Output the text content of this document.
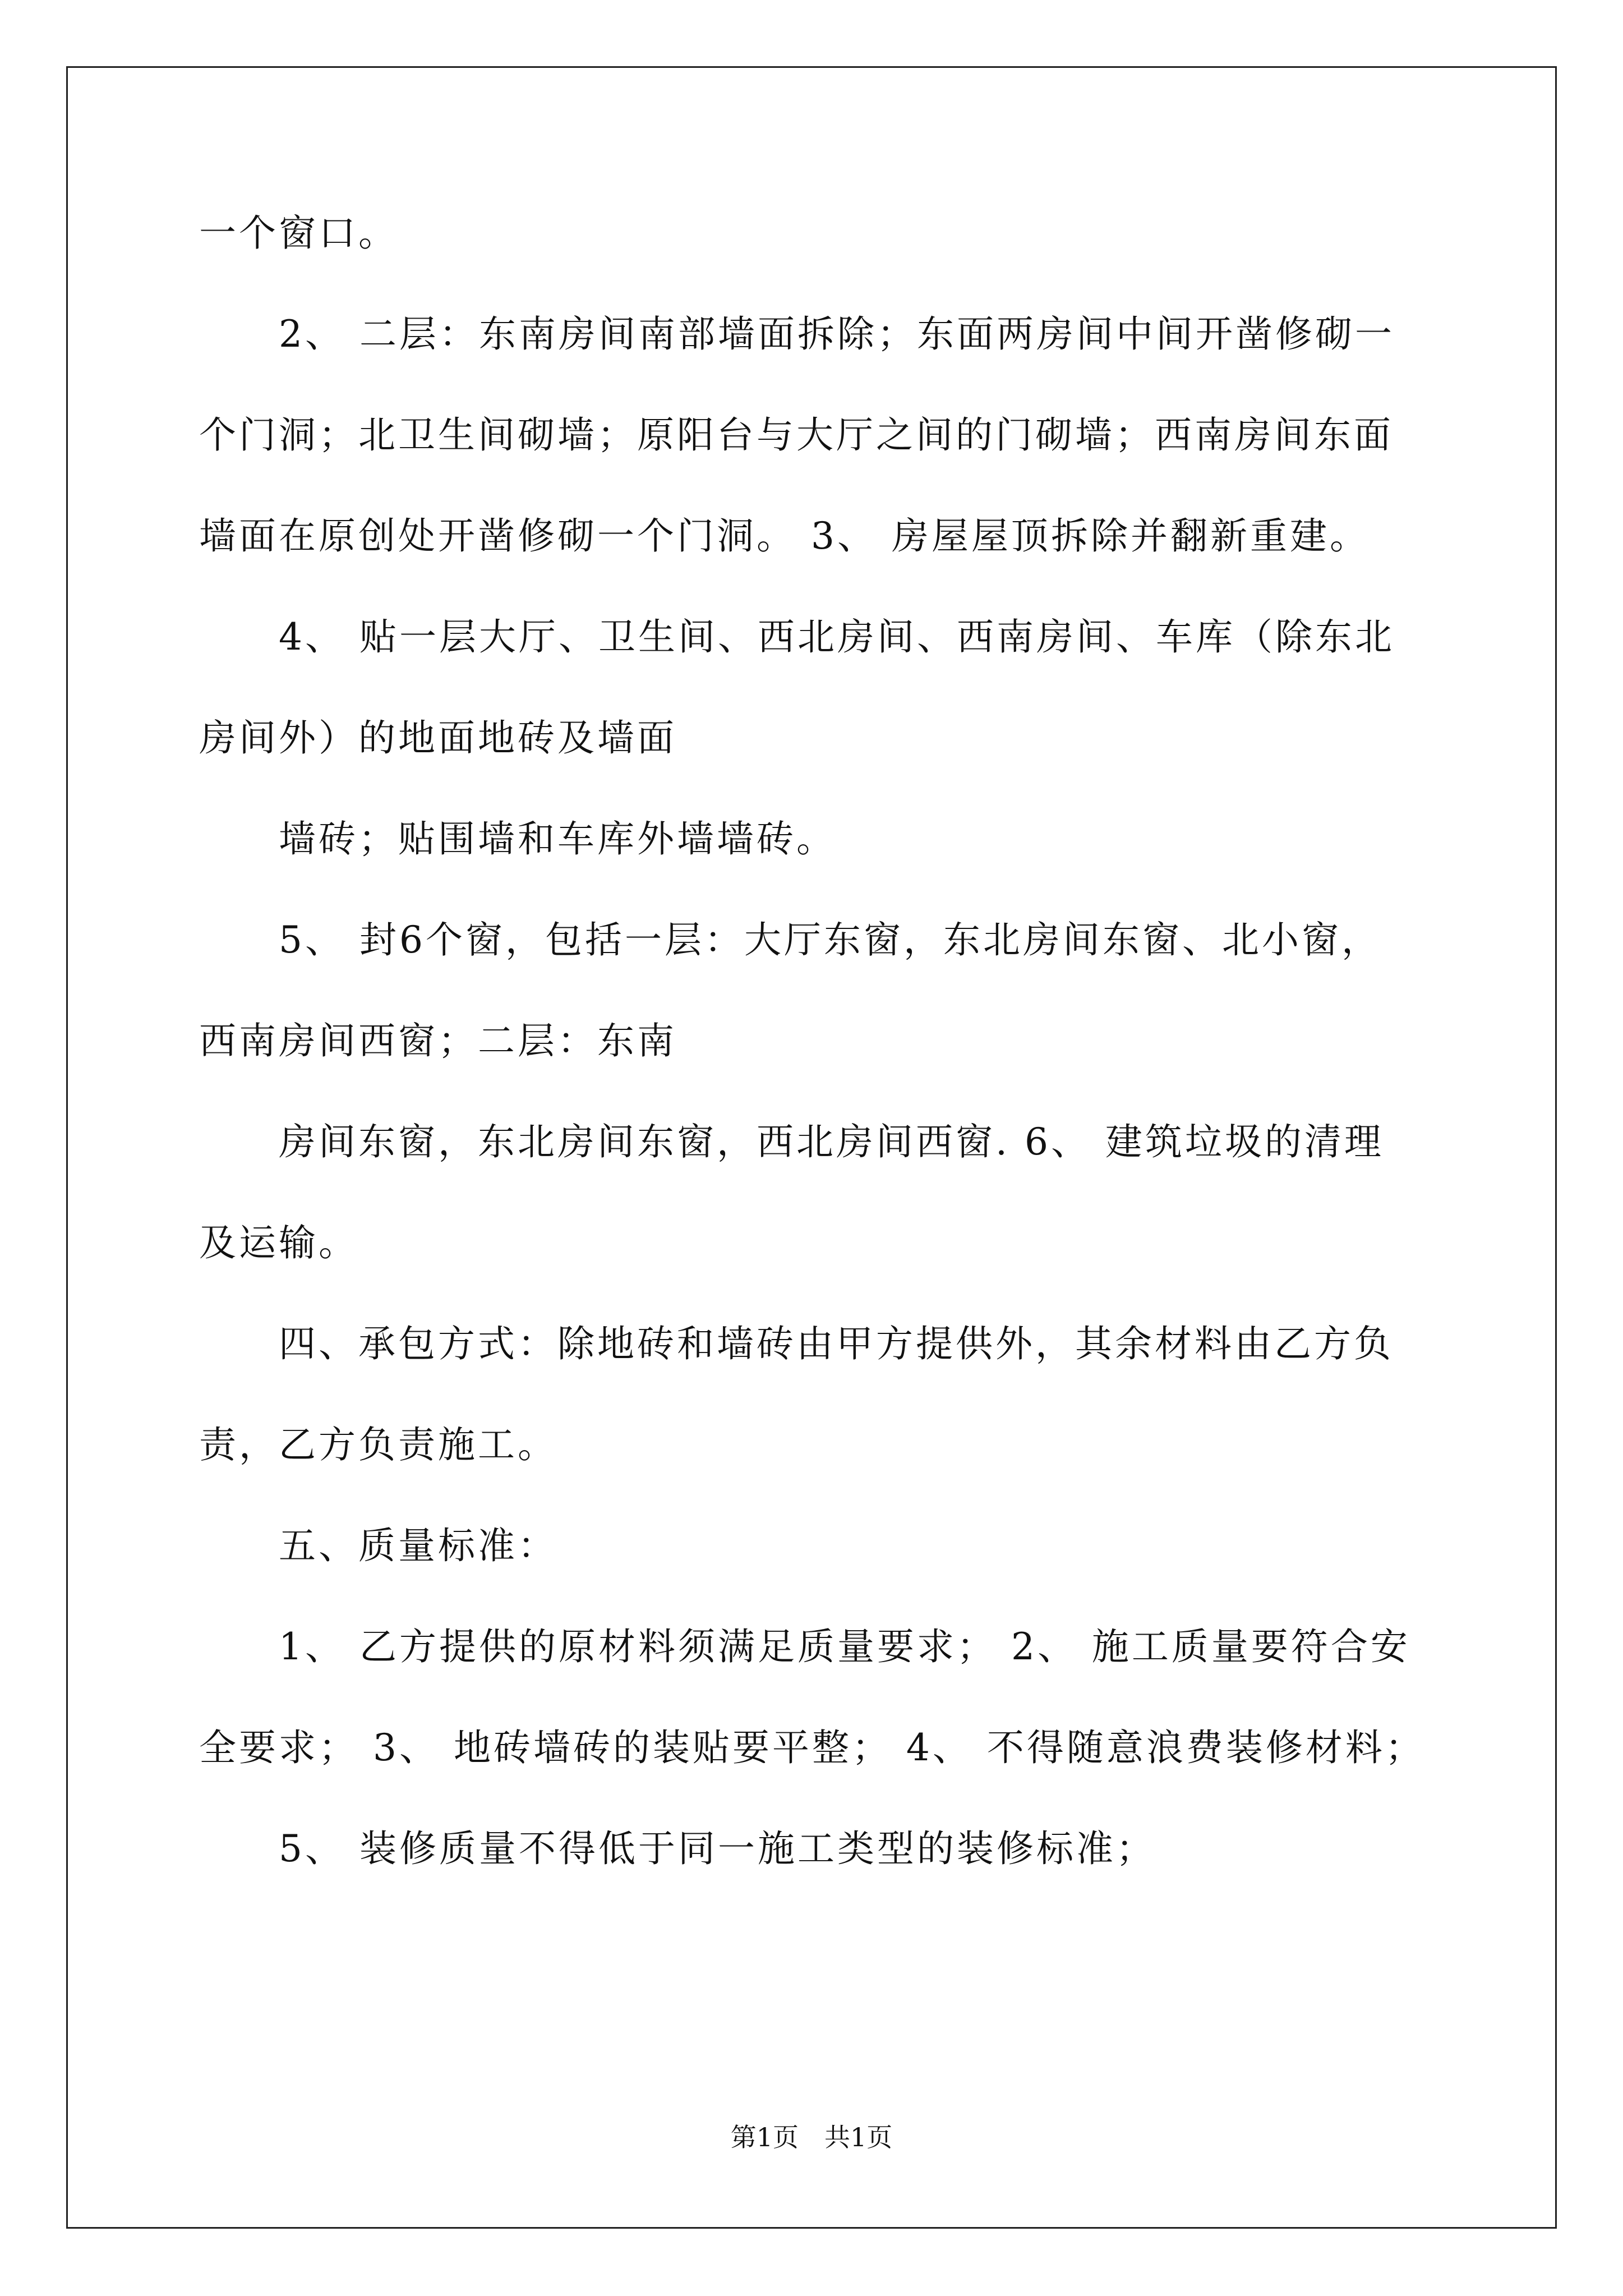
一个窗口。
　　2、 二层：东南房间南部墙面拆除；东面两房间中间开凿修砌一
个门洞；北卫生间砌墙；原阳台与大厅之间的门砌墙；西南房间东面
墙面在原创处开凿修砌一个门洞。 3、 房屋屋顶拆除并翻新重建。
　　4、 贴一层大厅、卫生间、西北房间、西南房间、车库（除东北
房间外）的地面地砖及墙面
　　墙砖；贴围墙和车库外墙墙砖。
　　5、 封6个窗，包括一层：大厅东窗，东北房间东窗、北小窗，
西南房间西窗；二层：东南
　　房间东窗，东北房间东窗，西北房间西窗. 6、 建筑垃圾的清理
及运输。
　　四、承包方式：除地砖和墙砖由甲方提供外，其余材料由乙方负
责，乙方负责施工。
　　五、质量标准：
　　1、 乙方提供的原材料须满足质量要求； 2、 施工质量要符合安
全要求； 3、 地砖墙砖的装贴要平整； 4、 不得随意浪费装修材料；
　　5、 装修质量不得低于同一施工类型的装修标准；
第1页 共1页
